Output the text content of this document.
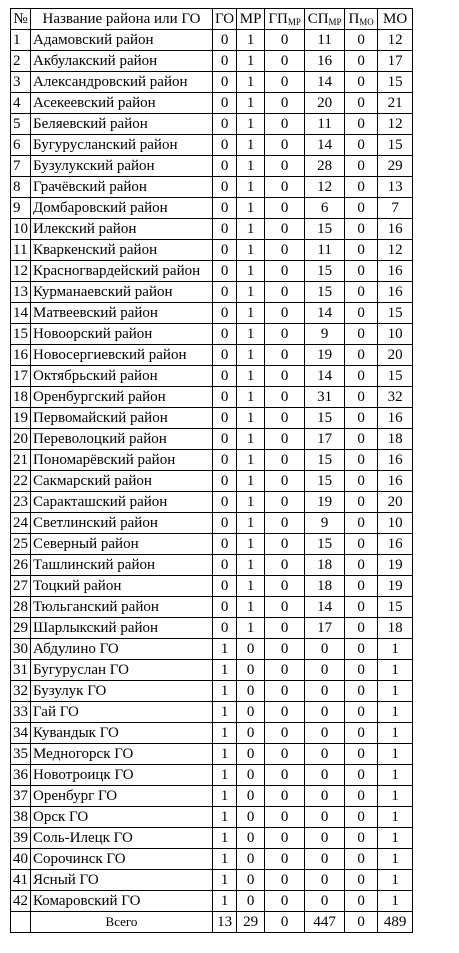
№	Название района или ГО	ГО	МР	$ГП_{МР}$	$СП_{МР}$	$П_{МО}$	МО
1	Адамовский район	0	1	0	11	0	12
2	Акбулакский район	0	1	0	16	0	17
3	Александровский район	0	1	0	14	0	15
4	Асекеевский район	0	1	0	20	0	21
5	Беляевский район	0	1	0	11	0	12
6	Бугурусланский район	0	1	0	14	0	15
7	Бузулукский район	0	1	0	28	0	29
8	Грачёвский район	0	1	0	12	0	13
9	Домбаровский район	0	1	0	6	0	7
10	Илекский район	0	1	0	15	0	16
11	Кваркенский район	0	1	0	11	0	12
12	Красногвардейский район	0	1	0	15	0	16
13	Курманаевский район	0	1	0	15	0	16
14	Матвеевский район	0	1	0	14	0	15
15	Новоорский район	0	1	0	9	0	10
16	Новосергиевский район	0	1	0	19	0	20
17	Октябрьский район	0	1	0	14	0	15
18	Оренбургский район	0	1	0	31	0	32
19	Первомайский район	0	1	0	15	0	16
20	Переволоцкий район	0	1	0	17	0	18
21	Пономарёвский район	0	1	0	15	0	16
22	Сакмарский район	0	1	0	15	0	16
23	Саракташский район	0	1	0	19	0	20
24	Светлинский район	0	1	0	9	0	10
25	Северный район	0	1	0	15	0	16
26	Ташлинский район	0	1	0	18	0	19
27	Тоцкий район	0	1	0	18	0	19
28	Тюльганский район	0	1	0	14	0	15
29	Шарлыкский район	0	1	0	17	0	18
30	Абдулино ГО	1	0	0	0	0	1
31	Бугуруслан ГО	1	0	0	0	0	1
32	Бузулук ГО	1	0	0	0	0	1
33	Гай ГО	1	0	0	0	0	1
34	Кувандык ГО	1	0	0	0	0	1
35	Медногорск ГО	1	0	0	0	0	1
36	Новотроицк ГО	1	0	0	0	0	1
37	Оренбург ГО	1	0	0	0	0	1
38	Орск ГО	1	0	0	0	0	1
39	Соль-Илецк ГО	1	0	0	0	0	1
40	Сорочинск ГО	1	0	0	0	0	1
41	Ясный ГО	1	0	0	0	0	1
42	Комаровский ГО	1	0	0	0	0	1
	Всего	13	29	0	447	0	489
